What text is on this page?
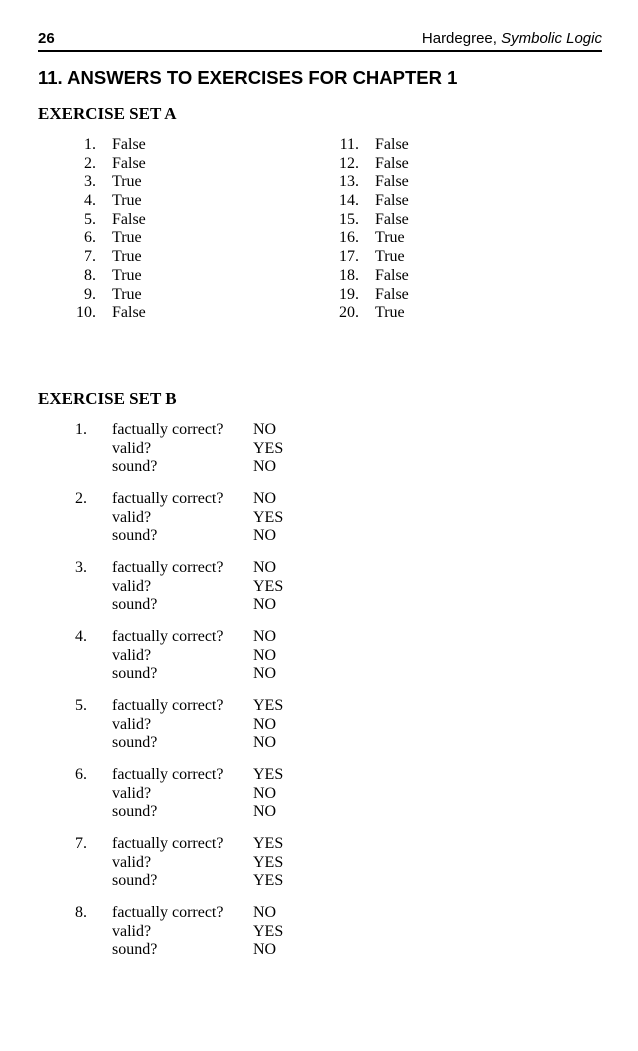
26	Hardegree, Symbolic Logic
11. ANSWERS TO EXERCISES FOR CHAPTER 1
EXERCISE SET A
1. False
2. False
3. True
4. True
5. False
6. True
7. True
8. True
9. True
10. False
11. False
12. False
13. False
14. False
15. False
16. True
17. True
18. False
19. False
20. True
EXERCISE SET B
1. factually correct? NO
valid?	YES
sound?	NO
2. factually correct? NO
valid?	YES
sound?	NO
3. factually correct? NO
valid?	YES
sound?	NO
4. factually correct? NO
valid?	NO
sound?	NO
5. factually correct? YES
valid?	NO
sound?	NO
6. factually correct? YES
valid?	NO
sound?	NO
7. factually correct? YES
valid?	YES
sound?	YES
8. factually correct? NO
valid?	YES
sound?	NO
